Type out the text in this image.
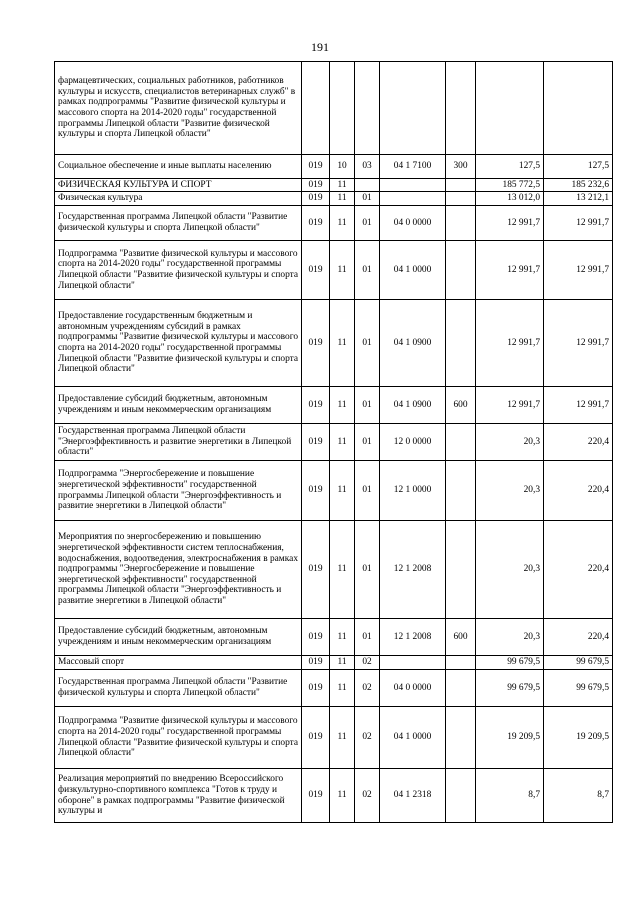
191
фармацевтических, социальных работников, работников культуры и искусств, специалистов ветеринарных служб" в рамках подпрограммы "Развитие физической культуры и массового спорта на 2014-2020 годы" государственной программы Липецкой области "Развитие физической культуры и спорта Липецкой области"							
Социальное обеспечение и иные выплаты населению	019	10	03	04 1 7100	300	127,5	127,5
ФИЗИЧЕСКАЯ КУЛЬТУРА И СПОРТ	019	11				185 772,5	185 232,6
Физическая культура	019	11	01			13 012,0	13 212,1
Государственная программа Липецкой области "Развитие физической культуры и спорта Липецкой области"	019	11	01	04 0 0000		12 991,7	12 991,7
Подпрограмма "Развитие физической культуры и массового спорта на 2014-2020 годы" государственной программы Липецкой области "Развитие физической культуры и спорта Липецкой области"	019	11	01	04 1 0000		12 991,7	12 991,7
Предоставление государственным бюджетным и автономным учреждениям субсидий в рамках подпрограммы "Развитие физической культуры и массового спорта на 2014-2020 годы" государственной программы Липецкой области "Развитие физической культуры и спорта Липецкой области"	019	11	01	04 1 0900		12 991,7	12 991,7
Предоставление субсидий бюджетным, автономным учреждениям и иным некоммерческим организациям	019	11	01	04 1 0900	600	12 991,7	12 991,7
Государственная программа Липецкой области "Энергоэффективность и развитие энергетики в Липецкой области"	019	11	01	12 0 0000		20,3	220,4
Подпрограмма "Энергосбережение и повышение энергетической эффективности" государственной программы Липецкой области "Энергоэффективность и развитие энергетики в Липецкой области"	019	11	01	12 1 0000		20,3	220,4
Мероприятия по энергосбережению и повышению энергетической эффективности систем теплоснабжения, водоснабжения, водоотведения, электроснабжения в рамках подпрограммы "Энергосбережение и повышение энергетической эффективности" государственной программы Липецкой области "Энергоэффективность и развитие энергетики в Липецкой области"	019	11	01	12 1 2008		20,3	220,4
Предоставление субсидий бюджетным, автономным учреждениям и иным некоммерческим организациям	019	11	01	12 1 2008	600	20,3	220,4
Массовый спорт	019	11	02			99 679,5	99 679,5
Государственная программа Липецкой области "Развитие физической культуры и спорта Липецкой области"	019	11	02	04 0 0000		99 679,5	99 679,5
Подпрограмма "Развитие физической культуры и массового спорта на 2014-2020 годы" государственной программы Липецкой области "Развитие физической культуры и спорта Липецкой области"	019	11	02	04 1 0000		19 209,5	19 209,5
Реализация мероприятий по внедрению Всероссийского физкультурно-спортивного комплекса "Готов к труду и обороне" в рамках подпрограммы "Развитие физической культуры и	019	11	02	04 1 2318		8,7	8,7
